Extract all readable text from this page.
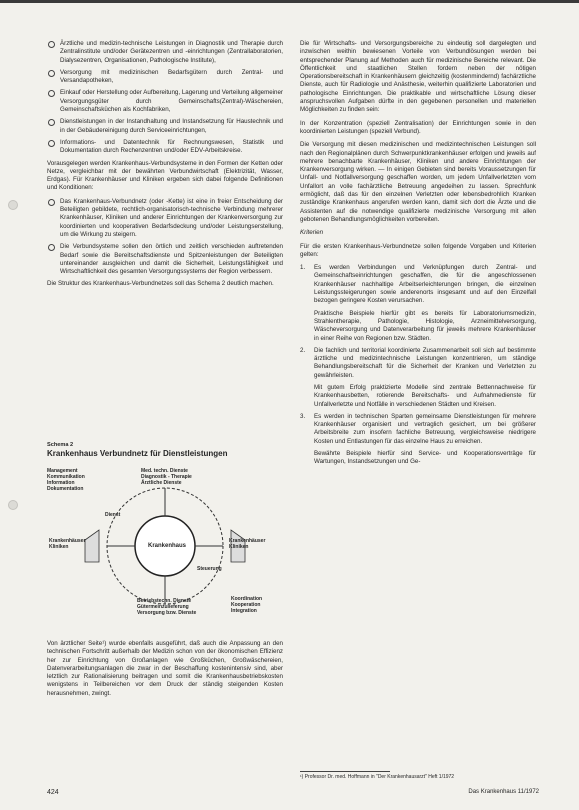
Ärztliche und medizin-technische Leistungen in Diagnostik und Therapie durch Zentralinstitute und/oder Gerätezentren und -einrichtungen (Zentrallaboratorien, Dialysezentren, Organisationen, Pathologische Institute),
Versorgung mit medizinischen Bedarfsgütern durch Zentral- und Versandapotheken,
Einkauf oder Herstellung oder Aufbereitung, Lagerung und Verteilung allgemeiner Versorgungsgüter durch Gemeinschafts(Zentral)-Wäschereien, Gemeinschaftsküchen als Kochfabriken,
Dienstleistungen in der Instandhaltung und Instandsetzung für Haustechnik und in der Gebäudereinigung durch Serviceeinrichtungen,
Informations- und Datentechnik für Rechnungswesen, Statistik und Dokumentation durch Rechenzentren und/oder EDV-Arbeitskreise.

Vorausgelegen werden Krankenhaus-Verbundsysteme in den Formen der Ketten oder Netze, vergleichbar mit der bewährten Verbundwirtschaft (Elektrizität, Wasser, Erdgas). Für Krankenhäuser und Kliniken ergeben sich dabei folgende Definitionen und Konditionen:

Das Krankenhaus-Verbundnetz (oder -Kette) ist eine in freier Entscheidung der Beteiligten gebildete, rechtlich-organisatorisch-technische Verbindung mehrerer Krankenhäuser, Kliniken und anderer Einrichtungen der Krankenversorgung zur koordinierten und kooperativen Bedarfsdeckung und/oder Leistungserstellung, um die Wirkung zu steigern.
Die Verbundsysteme sollen den örtlich und zeitlich verschieden auftretenden Bedarf sowie die Bereitschaftsdienste und Spitzenleistungen der Beteiligten untereinander ausgleichen und damit die Sicherheit, Leistungsfähigkeit und Wirtschaftlichkeit des gesamten Versorgungssystems der Region verbessern.

Die Struktur des Krankenhaus-Verbundnetzes soll das Schema 2 deutlich machen.

Schema 2
Krankenhaus Verbundnetz für Dienstleistungen
Management
Kommunikation
Information
Dokumentation
Med. techn. Dienste
Diagnostik - Therapie
Ärztliche Dienste
Dienst
Krankenhäuser
Kliniken	Krankenhaus
Krankenhäuser
Kliniken
Steuerung
Betriebstechn. Dienste
Gütermeinzulieferung
Versorgung bzw. Dienste
Koordination
Kooperation
Integration

Von ärztlicher Seite¹) wurde ebenfalls ausgeführt, daß auch die Anpassung an den technischen Fortschritt außerhalb der Medizin schon von der ökonomischen Effizienz her zur Einrichtung von Großanlagen wie Großküchen, Großwäschereien, Datenverarbeitungsanlagen die zwar in der Beschaffung kostenintensiv sind, aber letztlich zur Rationalisierung beitragen und somit die Krankenhausbetriebskosten wenigstens in Teilbereichen vor dem Druck der ständig steigenden Kosten herausnehmen, zwingt.

Die für Wirtschafts- und Versorgungsbereiche zu eindeutig soll dargelegten und inzwischen weithin bewiesenen Vorteile von Verbundlösungen werden bei entsprechender Planung auf Methoden auch für medizinische Bereiche relevant. Die Öffentlichkeit und staatlichen Stellen fordern neben der nötigen Operationsbereitschaft in Krankenhäusern gleichzeitig (kostenmindernd) fachärztliche Dienste, auch für Radiologie und Anästhesie, weiterhin qualifizierte Laboratorien und pathologische Einrichtungen. Die praktikable und wirtschaftliche Lösung dieser anspruchsvollen Aufgaben dürfte in den gegebenen personellen und materiellen Möglichkeiten zu finden sein:

In der Konzentration (speziell Zentralisation) der Einrichtungen sowie in den koordinierten Leistungen (speziell Verbund).

Die Versorgung mit diesen medizinischen und medizintechnischen Leistungen soll nach den Regionalplänen durch Schwerpunktkrankenhäuser erfolgen und jeweils auf mehrere benachbarte Krankenhäuser, Kliniken und andere Einrichtungen der Krankenversorgung wirken. — In einigen Gebieten sind bereits Voraussetzungen für Unfall- und Notfallversorgung geschaffen worden, um jedem Unfallverletzten vom Unfallort an volle fachärztliche Betreuung angedeihen zu lassen. Sprechfunk ermöglicht, daß das für den einzelnen Verletzten oder lebensbedrohlich Kranken zuständige Krankenhaus angerufen werden kann, damit sich dort die Ärzte und die Assistenten auf die notwendige qualifizierte medizinische Versorgung mit allen gebotenen Behandlungsmöglichkeiten vorbereiten.

Kriterien

Für die ersten Krankenhaus-Verbundnetze sollen folgende Vorgaben und Kriterien gelten:

1. Es werden Verbindungen und Verknüpfungen durch Zentral- und Gemeinschaftseinrichtungen geschaffen, die für die angeschlossenen Krankenhäuser nachhaltige Arbeitserleichterungen bringen, die einzelnen Leistungssteigerungen sowie anderenorts insgesamt und auf den Einzelfall bezogen geringere Kosten verursachen.

Praktische Beispiele hierfür gibt es bereits für Laboratoriumsmedizin, Strahlentherapie, Pathologie, Histologie, Arzneimittelversorgung, Wäscheversorgung und Datenverarbeitung für jeweils mehrere Krankenhäuser in einer Reihe von Regionen bzw. Städten.

2. Die fachlich und territorial koordinierte Zusammenarbeit soll sich auf bestimmte ärztliche und medizintechnische Leistungen konzentrieren, um ständige Behandlungsbereitschaft für die Sicherheit der Kranken und Verletzten zu gewährleisten.

Mit gutem Erfolg praktizierte Modelle sind zentrale Bettennachweise für Krankenhausbetten, rotierende Bereitschafts- und Aufnahmedienste für Unfallverletzte und Notfälle in verschiedenen Städten und Kreisen.

3. Es werden in technischen Sparten gemeinsame Dienstleistungen für mehrere Krankenhäuser organisiert und vertraglich gesichert, um bei größerer Arbeitsbreite zum insofern fachliche Betreuung, vergleichsweise niedrigere Kosten und Entlastungen für das einzelne Haus zu erreichen.

Bewährte Beispiele hierfür sind Service- und Kooperationsverträge für Wartungen, Instandsetzungen und Ge-

¹) Professor Dr. med. Hoffmann in "Der Krankenhausarzt" Heft 1/1972
424	Das Krankenhaus 11/1972
